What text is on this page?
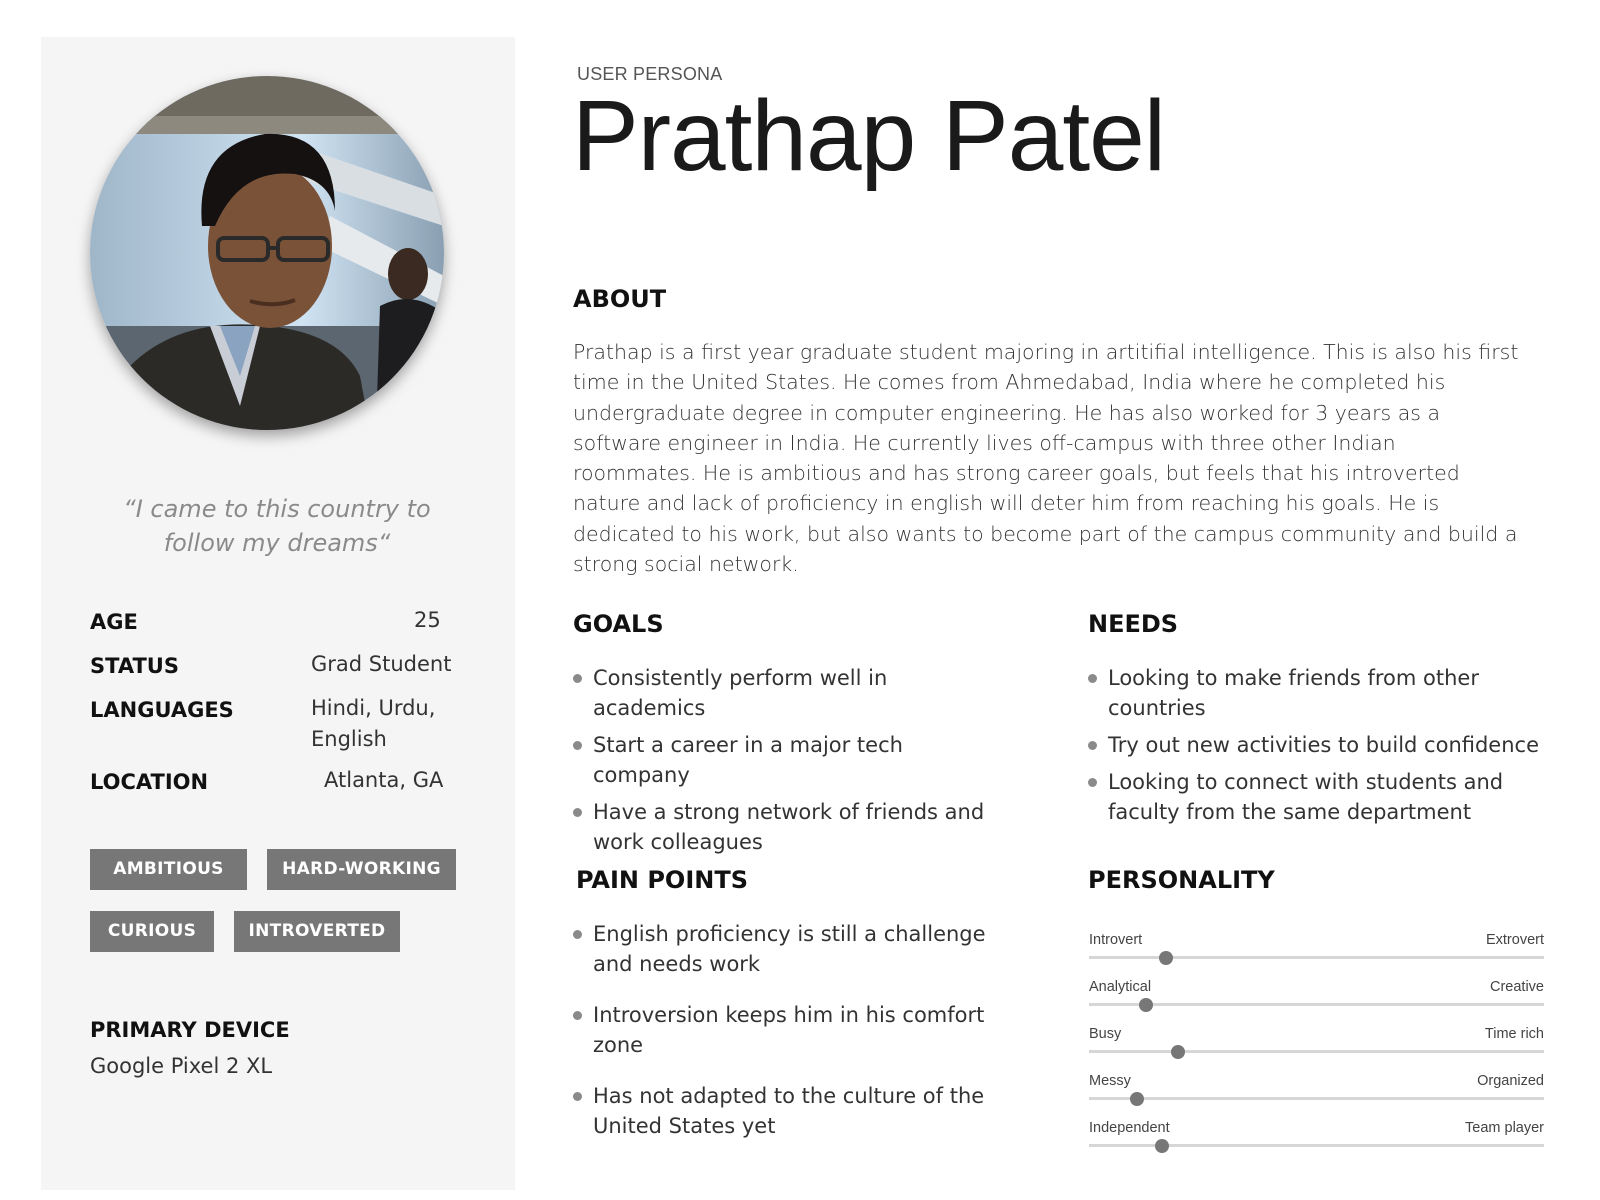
“I came to this country to follow my dreams“
AGE	25
STATUS	Grad Student
LANGUAGES	Hindi, Urdu, English
LOCATION	Atlanta, GA
AMBITIOUS	HARD-WORKING
CURIOUS	INTROVERTED
PRIMARY DEVICE
Google Pixel 2 XL
USER PERSONA
Prathap Patel
ABOUT
Prathap is a first year graduate student majoring in artitifial intelligence. This is also his first time in the United States. He comes from Ahmedabad, India where he completed his undergraduate degree in computer engineering. He has also worked for 3 years as a software engineer in India. He currently lives off-campus with three other Indian roommates. He is ambitious and has strong career goals, but feels that his introverted nature and lack of proficiency in english will deter him from reaching his goals. He is dedicated to his work, but also wants to become part of the campus community and build a strong social network.
GOALS
Consistently perform well in academics
Start a career in a major tech company
Have a strong network of friends and work colleagues
NEEDS
Looking to make friends from other countries
Try out new activities to build confidence
Looking to connect with students and faculty from the same department
PAIN POINTS
English proficiency is still a challenge and needs work
Introversion keeps him in his comfort zone
Has not adapted to the culture of the United States yet
PERSONALITY
Introvert	Extrovert
Analytical	Creative
Busy	Time rich
Messy	Organized
Independent	Team player
